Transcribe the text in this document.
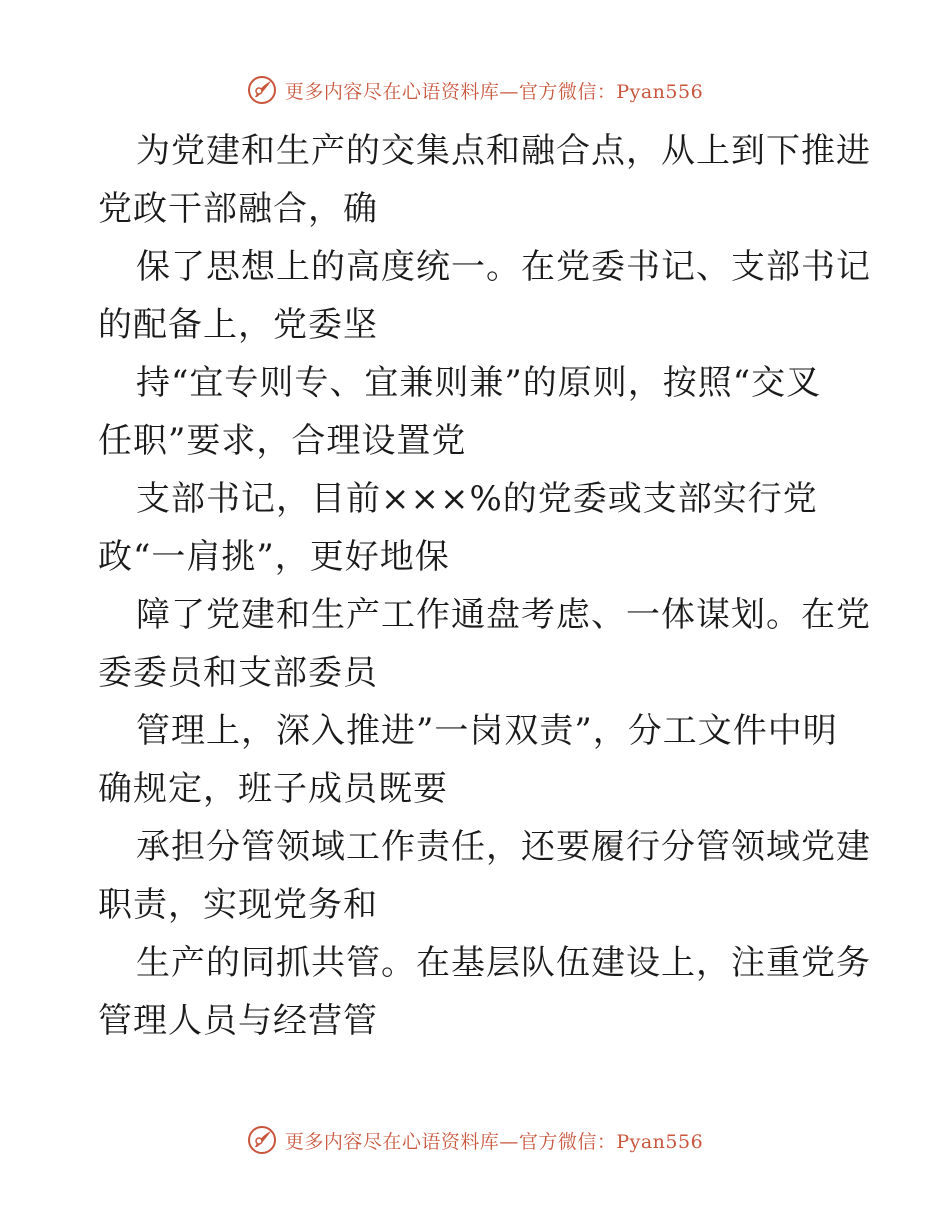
更多内容尽在心语资料库—官方微信：Pyan556
为党建和生产的交集点和融合点，从上到下推进
党政干部融合，确
保了思想上的高度统一。在党委书记、支部书记
的配备上，党委坚
持“宜专则专、宜兼则兼”的原则，按照“交叉
任职”要求，合理设置党
支部书记，目前×××%的党委或支部实行党
政“一肩挑”，更好地保
障了党建和生产工作通盘考虑、一体谋划。在党
委委员和支部委员
管理上，深入推进”一岗双责”，分工文件中明
确规定，班子成员既要
承担分管领域工作责任，还要履行分管领域党建
职责，实现党务和
生产的同抓共管。在基层队伍建设上，注重党务
管理人员与经营管
更多内容尽在心语资料库—官方微信：Pyan556
